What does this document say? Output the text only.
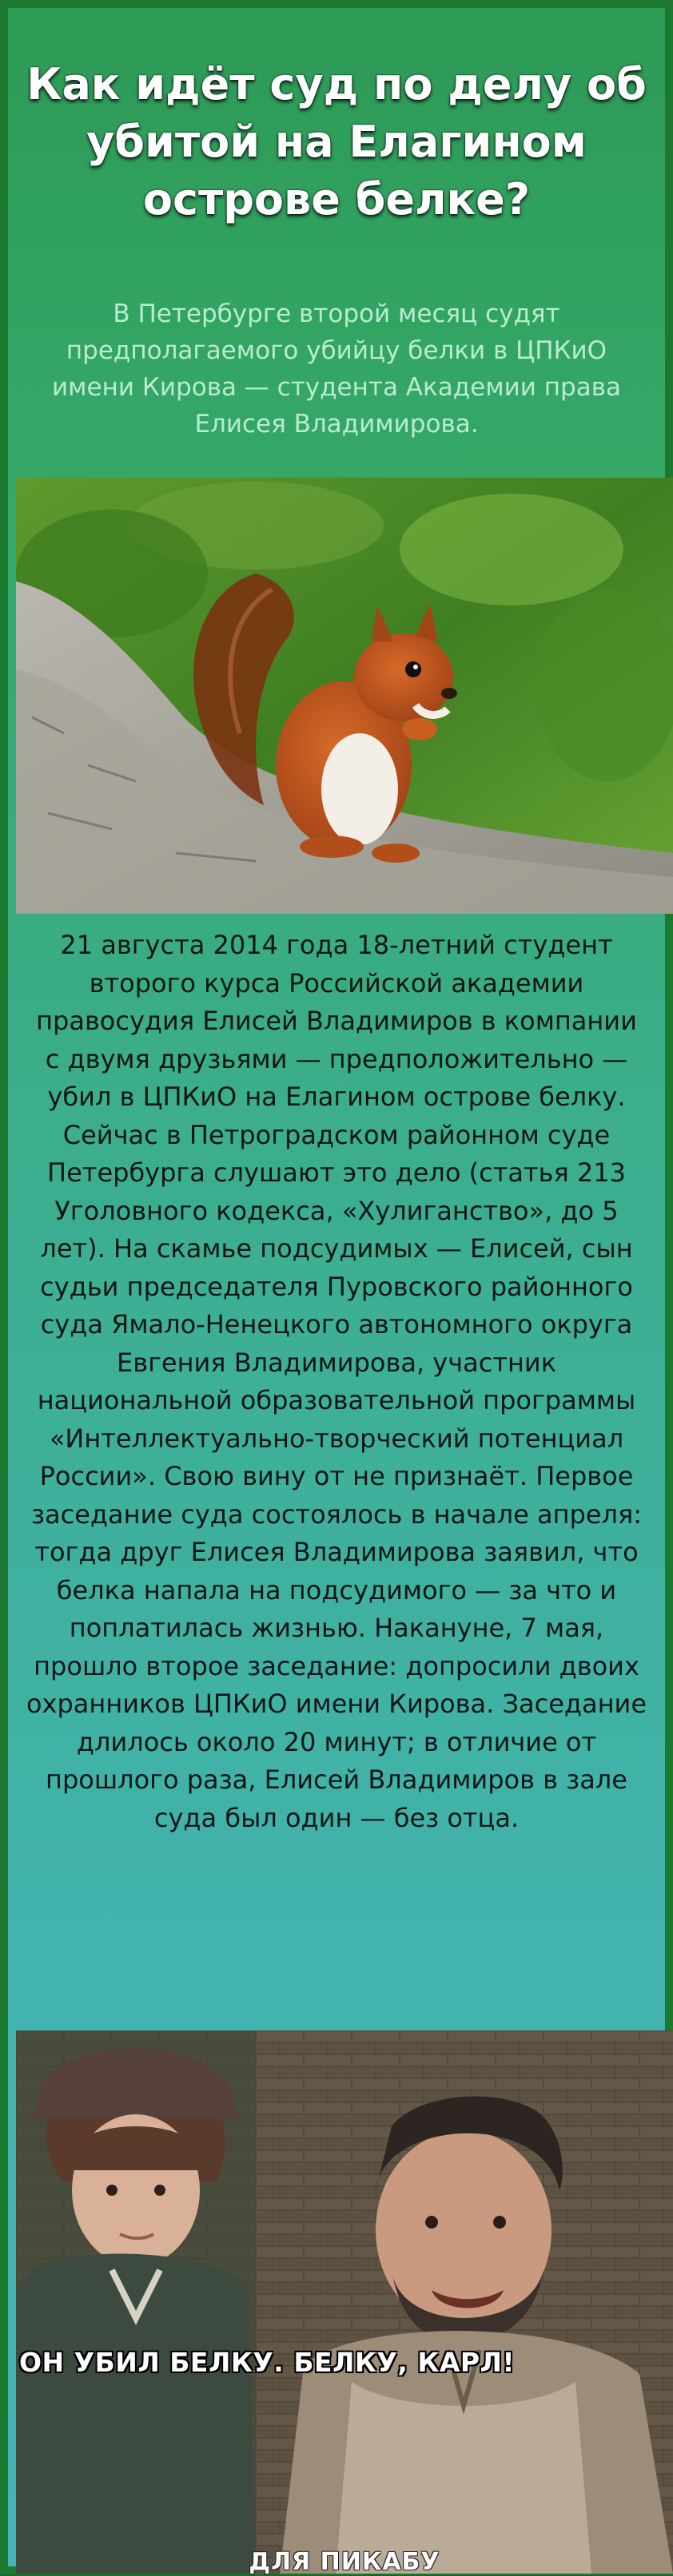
Как идёт суд по делу об убитой на Елагином острове белке?
В Петербурге второй месяц судят предполагаемого убийцу белки в ЦПКиО имени Кирова — студента Академии права Елисея Владимирова.
21 августа 2014 года 18-летний студент второго курса Российской академии правосудия Елисей Владимиров в компании с двумя друзьями — предположительно — убил в ЦПКиО на Елагином острове белку. Сейчас в Петроградском районном суде Петербурга слушают это дело (статья 213 Уголовного кодекса, «Хулиганство», до 5 лет). На скамье подсудимых — Елисей, сын судьи председателя Пуровского районного суда Ямало-Ненецкого автономного округа Евгения Владимирова, участник национальной образовательной программы «Интеллектуально-творческий потенциал России». Свою вину от не признаёт. Первое заседание суда состоялось в начале апреля: тогда друг Елисея Владимирова заявил, что белка напала на подсудимого — за что и поплатилась жизнью. Накануне, 7 мая, прошло второе заседание: допросили двоих охранников ЦПКиО имени Кирова. Заседание длилось около 20 минут; в отличие от прошлого раза, Елисей Владимиров в зале суда был один — без отца.
ОН УБИЛ БЕЛКУ. БЕЛКУ, КАРЛ!
ДЛЯ ПИКАБУ
